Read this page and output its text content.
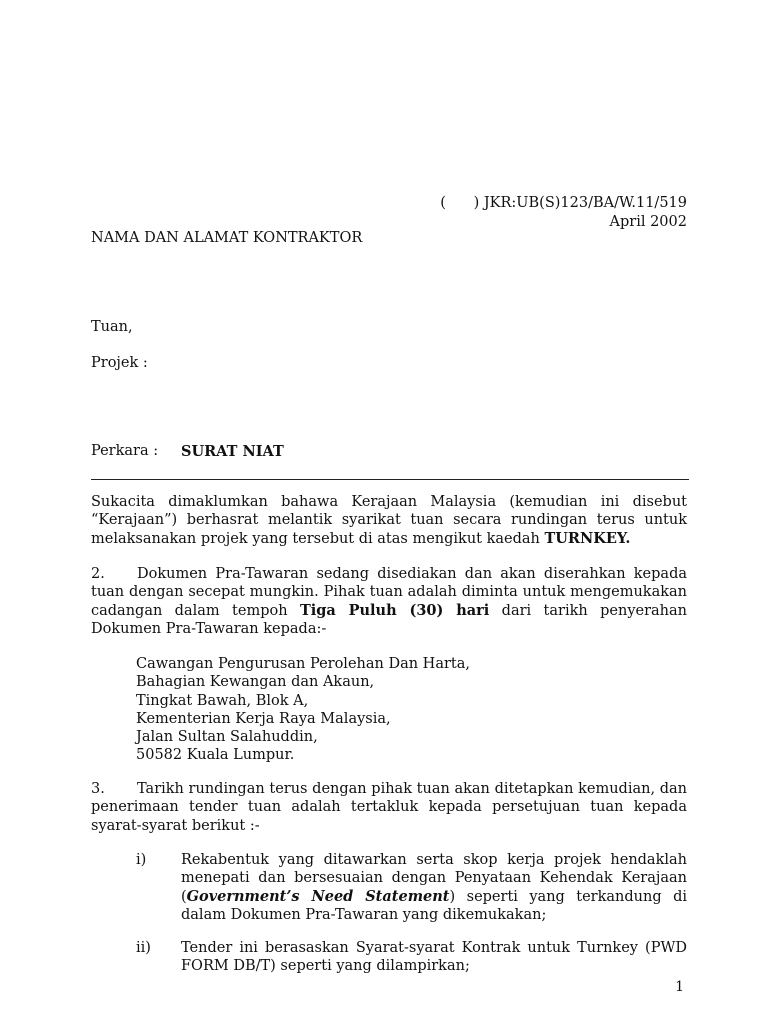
(      ) JKR:UB(S)123/BA/W.11/519
April 2002
NAMA DAN ALAMAT KONTRAKTOR
Tuan,
Projek :
Perkara :	SURAT NIAT
Sukacita dimaklumkan bahawa Kerajaan Malaysia (kemudian ini disebut “Kerajaan”) berhasrat melantik syarikat tuan secara rundingan terus untuk melaksanakan projek yang tersebut di atas mengikut kaedah TURNKEY.
2. Dokumen Pra-Tawaran sedang disediakan dan akan diserahkan kepada tuan dengan secepat mungkin. Pihak tuan adalah diminta untuk mengemukakan cadangan dalam tempoh Tiga Puluh (30) hari dari tarikh penyerahan Dokumen Pra-Tawaran kepada:-
Cawangan Pengurusan Perolehan Dan Harta,
Bahagian Kewangan dan Akaun,
Tingkat Bawah, Blok A,
Kementerian Kerja Raya Malaysia,
Jalan Sultan Salahuddin,
50582 Kuala Lumpur.
3. Tarikh rundingan terus dengan pihak tuan akan ditetapkan kemudian, dan penerimaan tender tuan adalah tertakluk kepada persetujuan tuan kepada syarat-syarat berikut :-
i)	Rekabentuk yang ditawarkan serta skop kerja projek hendaklah menepati dan bersesuaian dengan Penyataan Kehendak Kerajaan (Government’s Need Statement) seperti yang terkandung di dalam Dokumen Pra-Tawaran yang dikemukakan;
ii)	Tender ini berasaskan Syarat-syarat Kontrak untuk Turnkey (PWD FORM DB/T) seperti yang dilampirkan;
1
